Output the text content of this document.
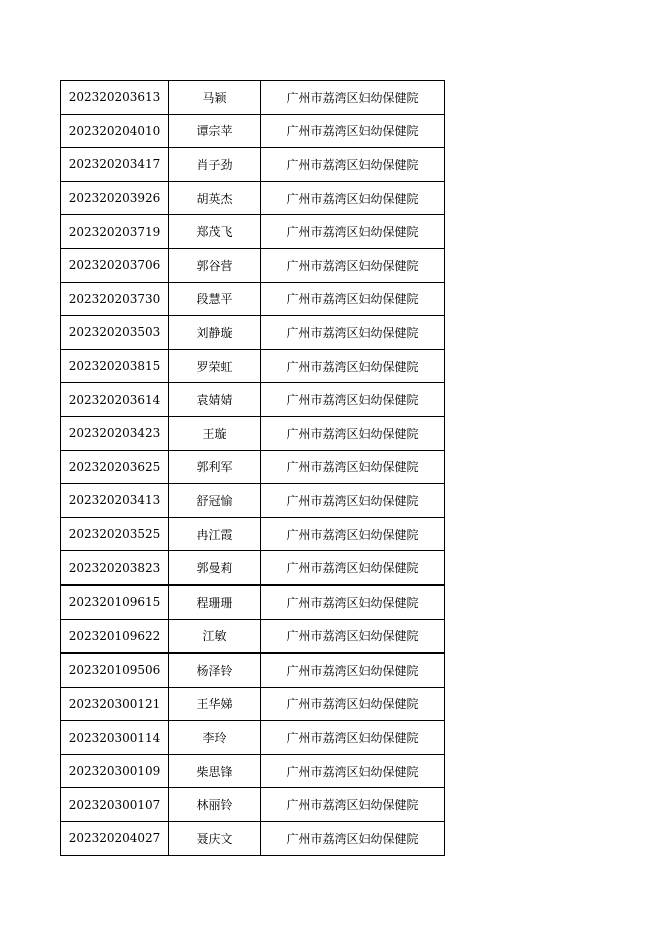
202320203613	马颖	广州市荔湾区妇幼保健院
202320204010	谭宗苹	广州市荔湾区妇幼保健院
202320203417	肖子劲	广州市荔湾区妇幼保健院
202320203926	胡英杰	广州市荔湾区妇幼保健院
202320203719	郑茂飞	广州市荔湾区妇幼保健院
202320203706	郭谷营	广州市荔湾区妇幼保健院
202320203730	段慧平	广州市荔湾区妇幼保健院
202320203503	刘静璇	广州市荔湾区妇幼保健院
202320203815	罗荣虹	广州市荔湾区妇幼保健院
202320203614	袁婧婧	广州市荔湾区妇幼保健院
202320203423	王璇	广州市荔湾区妇幼保健院
202320203625	郭利军	广州市荔湾区妇幼保健院
202320203413	舒冠愉	广州市荔湾区妇幼保健院
202320203525	冉江霞	广州市荔湾区妇幼保健院
202320203823	郭曼莉	广州市荔湾区妇幼保健院
202320109615	程珊珊	广州市荔湾区妇幼保健院
202320109622	江敏	广州市荔湾区妇幼保健院
202320109506	杨泽铃	广州市荔湾区妇幼保健院
202320300121	王华娣	广州市荔湾区妇幼保健院
202320300114	李玲	广州市荔湾区妇幼保健院
202320300109	柴思锋	广州市荔湾区妇幼保健院
202320300107	林丽铃	广州市荔湾区妇幼保健院
202320204027	聂庆文	广州市荔湾区妇幼保健院
